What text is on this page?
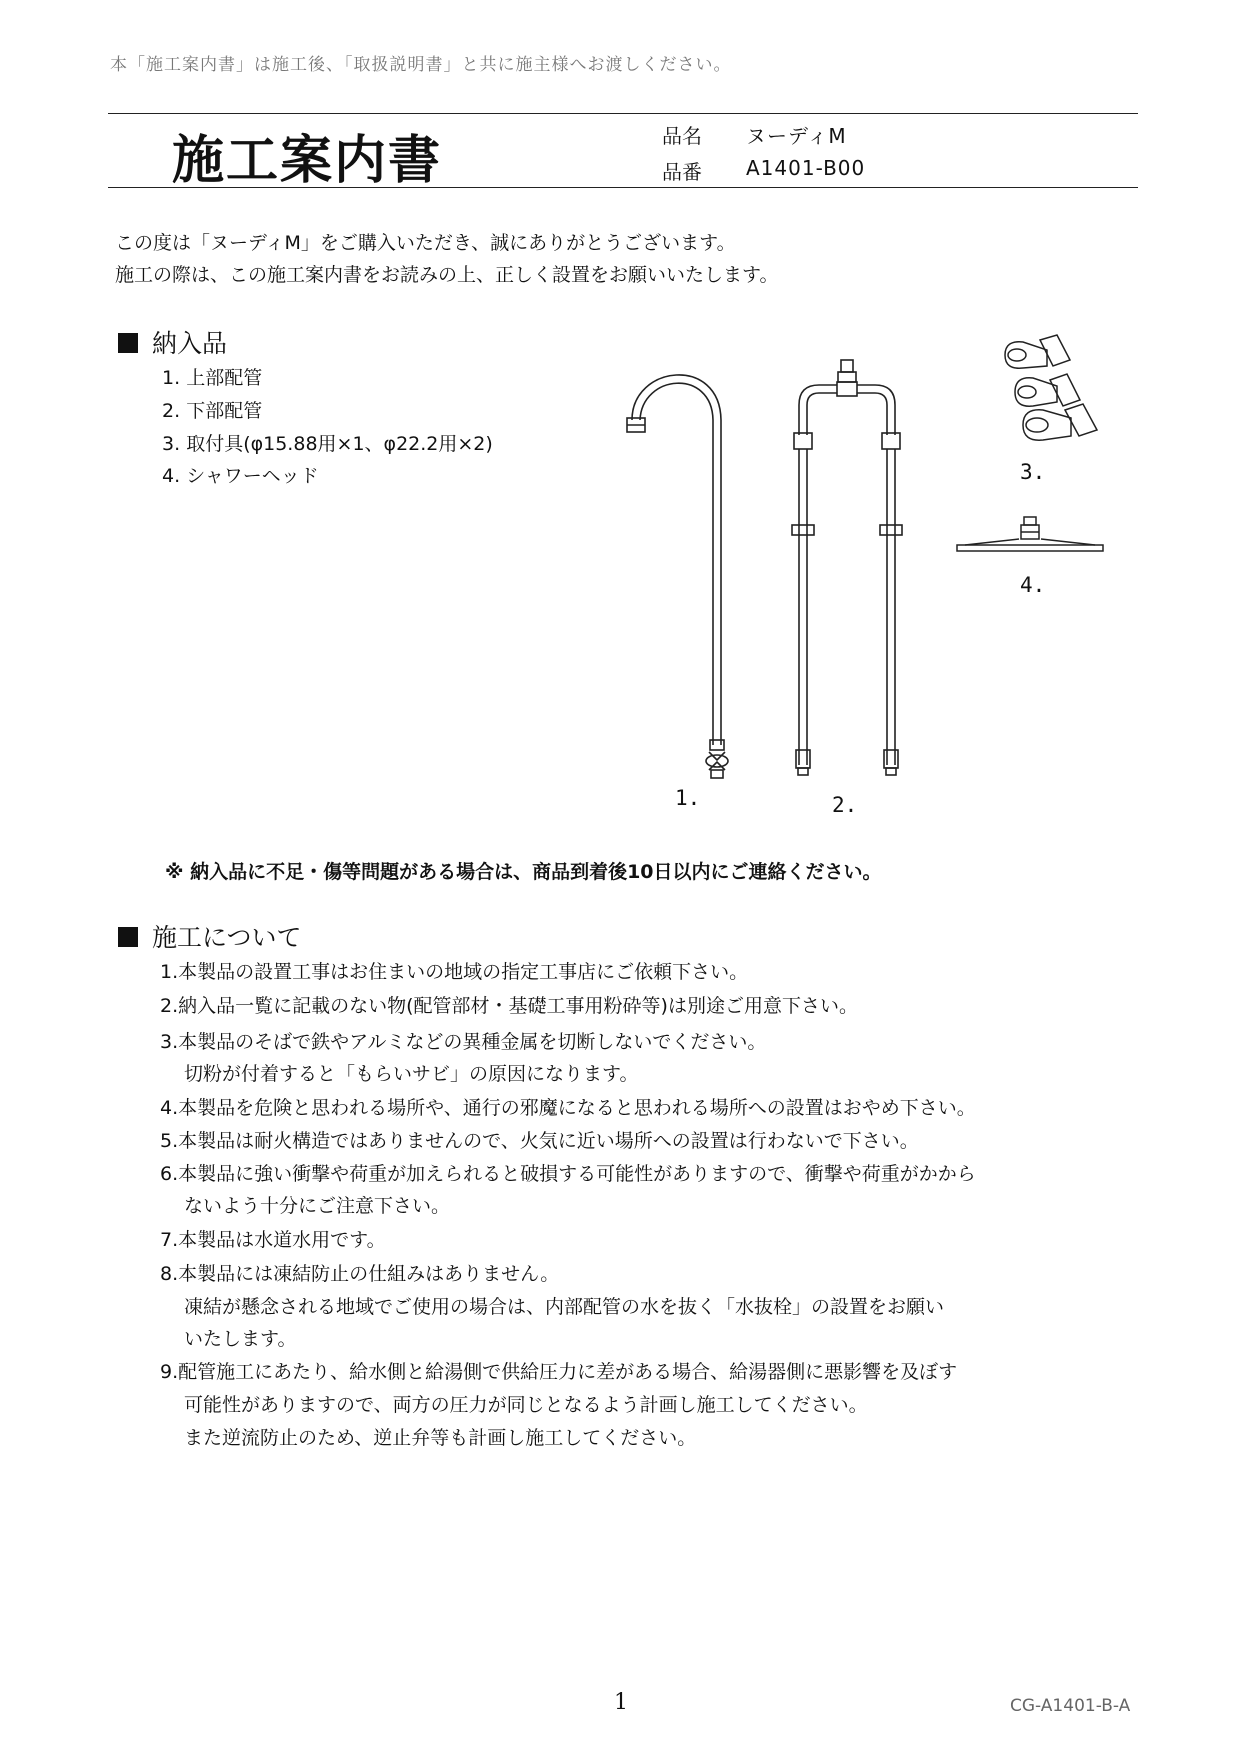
本「施工案内書」は施工後、「取扱説明書」と共に施主様へお渡しください。
施工案内書	品名 ヌーディM
品番 A1401-B00
この度は「ヌーディM」をご購入いただき、誠にありがとうございます。
施工の際は、この施工案内書をお読みの上、正しく設置をお願いいたします。
納入品
1. 上部配管
2. 下部配管
3. 取付具(φ15.88用×1、φ22.2用×2)
4. シャワーヘッド
1.	2.
3.
4.
※ 納入品に不足・傷等問題がある場合は、商品到着後10日以内にご連絡ください。
施工について
1.本製品の設置工事はお住まいの地域の指定工事店にご依頼下さい。
2.納入品一覧に記載のない物(配管部材・基礎工事用粉砕等)は別途ご用意下さい。
3.本製品のそばで鉄やアルミなどの異種金属を切断しないでください。
切粉が付着すると「もらいサビ」の原因になります。
4.本製品を危険と思われる場所や、通行の邪魔になると思われる場所への設置はおやめ下さい。
5.本製品は耐火構造ではありませんので、火気に近い場所への設置は行わないで下さい。
6.本製品に強い衝撃や荷重が加えられると破損する可能性がありますので、衝撃や荷重がかから
ないよう十分にご注意下さい。
7.本製品は水道水用です。
8.本製品には凍結防止の仕組みはありません。
凍結が懸念される地域でご使用の場合は、内部配管の水を抜く「水抜栓」の設置をお願い
いたします。
9.配管施工にあたり、給水側と給湯側で供給圧力に差がある場合、給湯器側に悪影響を及ぼす
可能性がありますので、両方の圧力が同じとなるよう計画し施工してください。
また逆流防止のため、逆止弁等も計画し施工してください。
1	CG-A1401-B-A
